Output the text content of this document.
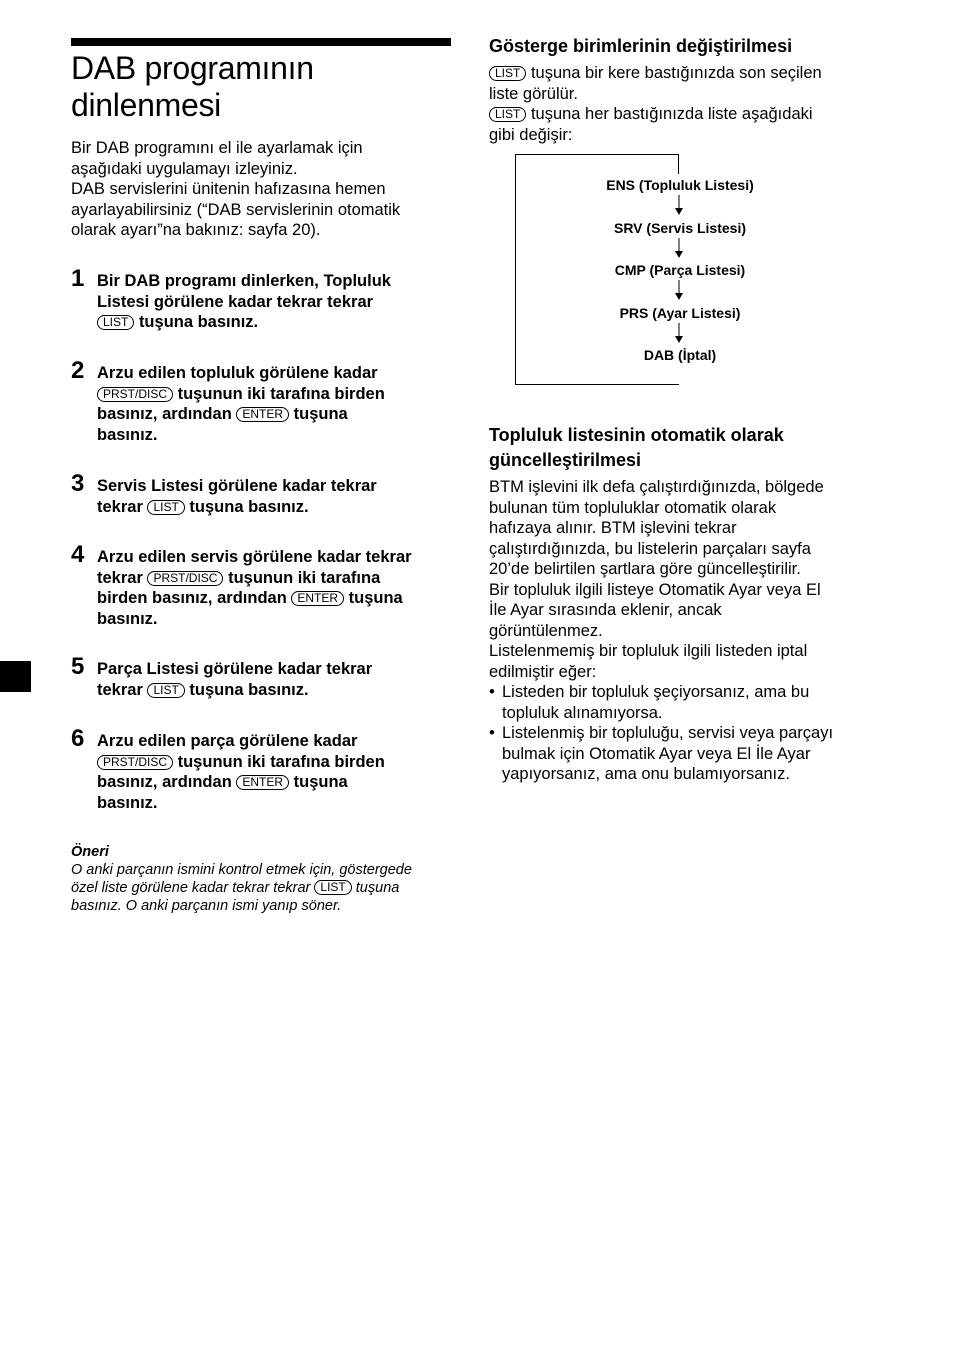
DAB programının
dinlenmesi
Bir DAB programını el ile ayarlamak için
aşağıdaki uygulamayı izleyiniz.
DAB servislerini ünitenin hafızasına hemen
ayarlayabilirsiniz (“DAB servislerinin otomatik
olarak ayarı”na bakınız: sayfa 20).
1 Bir DAB programı dinlerken, Topluluk
Listesi görülene kadar tekrar tekrar
LIST tuşuna basınız.
2 Arzu edilen topluluk görülene kadar
PRST/DISC tuşunun iki tarafına birden
basınız, ardından ENTER tuşuna
basınız.
3 Servis Listesi görülene kadar tekrar
tekrar LIST tuşuna basınız.
4 Arzu edilen servis görülene kadar tekrar
tekrar PRST/DISC tuşunun iki tarafına
birden basınız, ardından ENTER tuşuna
basınız.
5 Parça Listesi görülene kadar tekrar
tekrar LIST tuşuna basınız.
6 Arzu edilen parça görülene kadar
PRST/DISC tuşunun iki tarafına birden
basınız, ardından ENTER tuşuna
basınız.
Öneri
O anki parçanın ismini kontrol etmek için, göstergede
özel liste görülene kadar tekrar tekrar LIST tuşuna
basınız. O anki parçanın ismi yanıp söner.
Gösterge birimlerinin değiştirilmesi
LIST tuşuna bir kere bastığınızda son seçilen
liste görülür.
LIST tuşuna her bastığınızda liste aşağıdaki
gibi değişir:
ENS (Topluluk Listesi)
SRV (Servis Listesi)
CMP (Parça Listesi)
PRS (Ayar Listesi)
DAB (İptal)
Topluluk listesinin otomatik olarak
güncelleştirilmesi
BTM işlevini ilk defa çalıştırdığınızda, bölgede
bulunan tüm topluluklar otomatik olarak
hafızaya alınır. BTM işlevini tekrar
çalıştırdığınızda, bu listelerin parçaları sayfa
20’de belirtilen şartlara göre güncelleştirilir.
Bir topluluk ilgili listeye Otomatik Ayar veya El
İle Ayar sırasında eklenir, ancak
görüntülenmez.
Listelenmemiş bir topluluk ilgili listeden iptal
edilmiştir eğer:
• Listeden bir topluluk şeçiyorsanız, ama bu
topluluk alınamıyorsa.
• Listelenmiş bir topluluğu, servisi veya parçayı
bulmak için Otomatik Ayar veya El İle Ayar
yapıyorsanız, ama onu bulamıyorsanız.
